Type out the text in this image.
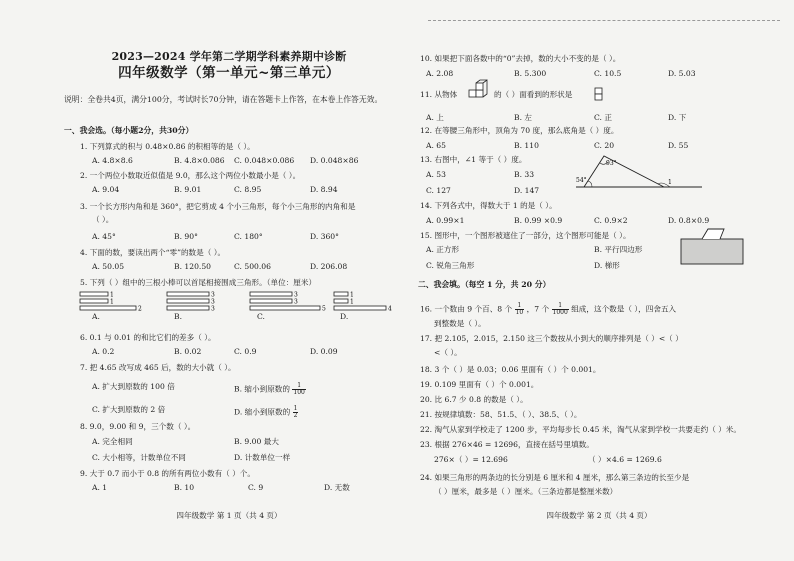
2023—2024 学年第二学期学科素养期中诊断
四年级数学（第一单元~第三单元）
说明：全卷共4页，满分100分，考试时长70分钟，请在答题卡上作答，在本卷上作答无效。
一、我会选。（每小题2分，共30分）
1. 下列算式的积与 0.48×0.86 的积相等的是（ ）。
A. 4.8×8.6	B. 4.8×0.086 C. 0.048×0.086 D. 0.048×86
2. 一个两位小数取近似值是 9.0，那么这个两位小数最小是（ ）。
A. 9.04	B. 9.01	C. 8.95	D. 8.94
3. 一个长方形内角和是 360°，把它剪成 4 个小三角形，每个小三角形的内角和是
（ ）。
A. 45°	B. 90°	C. 180°	D. 360°
4. 下面的数，要读出两个“零”的数是（ ）。
A. 50.05	B. 120.50	C. 500.06	D. 206.08
5. 下列（ ）组中的三根小棒可以首尾相接围成三角形。（单位：厘米）
A.	B.	C.	D.
1
1
2
3
3
3
3
3
5
1
1
4
6. 0.1 与 0.01 的和比它们的差多（ ）。
A. 0.2	B. 0.02	C. 0.9	D. 0.09
7. 把 4.65 改写成 465 后，数的大小就（ ）。
A. 扩大到原数的 100 倍	B. 缩小到原数的 $\frac{1}{100}$
C. 扩大到原数的 2 倍	D. 缩小到原数的 $\frac{1}{2}$
8. 9.0，9.00 和 9，三个数（ ）。
A. 完全相同	B. 9.00 最大
C. 大小相等，计数单位不同	D. 计数单位一样
9. 大于 0.7 而小于 0.8 的所有两位小数有（ ）个。
A. 1	B. 10	C. 9	D. 无数
四年级数学 第 1 页（共 4 页）
10. 如果把下面各数中的“0”去掉，数的大小不变的是（ ）。
A. 2.08	B. 5.300	C. 10.5	D. 5.03
11. 从物体	的（ ）面看到的形状是
A. 上	B. 左	C. 正	D. 下
12. 在等腰三角形中，顶角为 70 度，那么底角是（ ）度。
A. 65	B. 110	C. 20	D. 55
13. 右图中，∠1 等于（ ）度。
A. 53	B. 33
C. 127	D. 147
93°
54°	1
14. 下列各式中，得数大于 1 的是（ ）。
A. 0.99×1	B. 0.99 ×0.9	C. 0.9×2	D. 0.8×0.9
15. 图形中，一个图形被遮住了一部分，这个图形可能是（ ）。
A. 正方形	B. 平行四边形
C. 锐角三角形	D. 梯形
二、我会填。（每空 1 分，共 20 分）
16. 一个数由 9 个百、8 个 $\frac{1}{10}$ ，7 个 $\frac{1}{1000}$ 组成，这个数是（ ），四舍五入
到整数是（ ）。
17. 把 2.105，2.015，2.150 这三个数按从小到大的顺序排列是（ ）<（ ）
<（ ）。
18. 3 个（ ）是 0.03；0.06 里面有（ ）个 0.001。
19. 0.109 里面有（ ）个 0.001。
20. 比 6.7 少 0.8 的数是（ ）。
21. 按规律填数：58、51.5、（ ）、38.5、（ ）。
22. 淘气从家到学校走了 1200 步，平均每步长 0.45 米，淘气从家到学校一共要走约（ ）米。
23. 根据 276×46 = 12696，直接在括号里填数。
276×（ ）= 12.696	（ ）×4.6 = 1269.6
24. 如果三角形的两条边的长分别是 6 厘米和 4 厘米，那么第三条边的长至少是
（ ）厘米，最多是（ ）厘米。（三条边都是整厘米数）
四年级数学 第 2 页（共 4 页）
